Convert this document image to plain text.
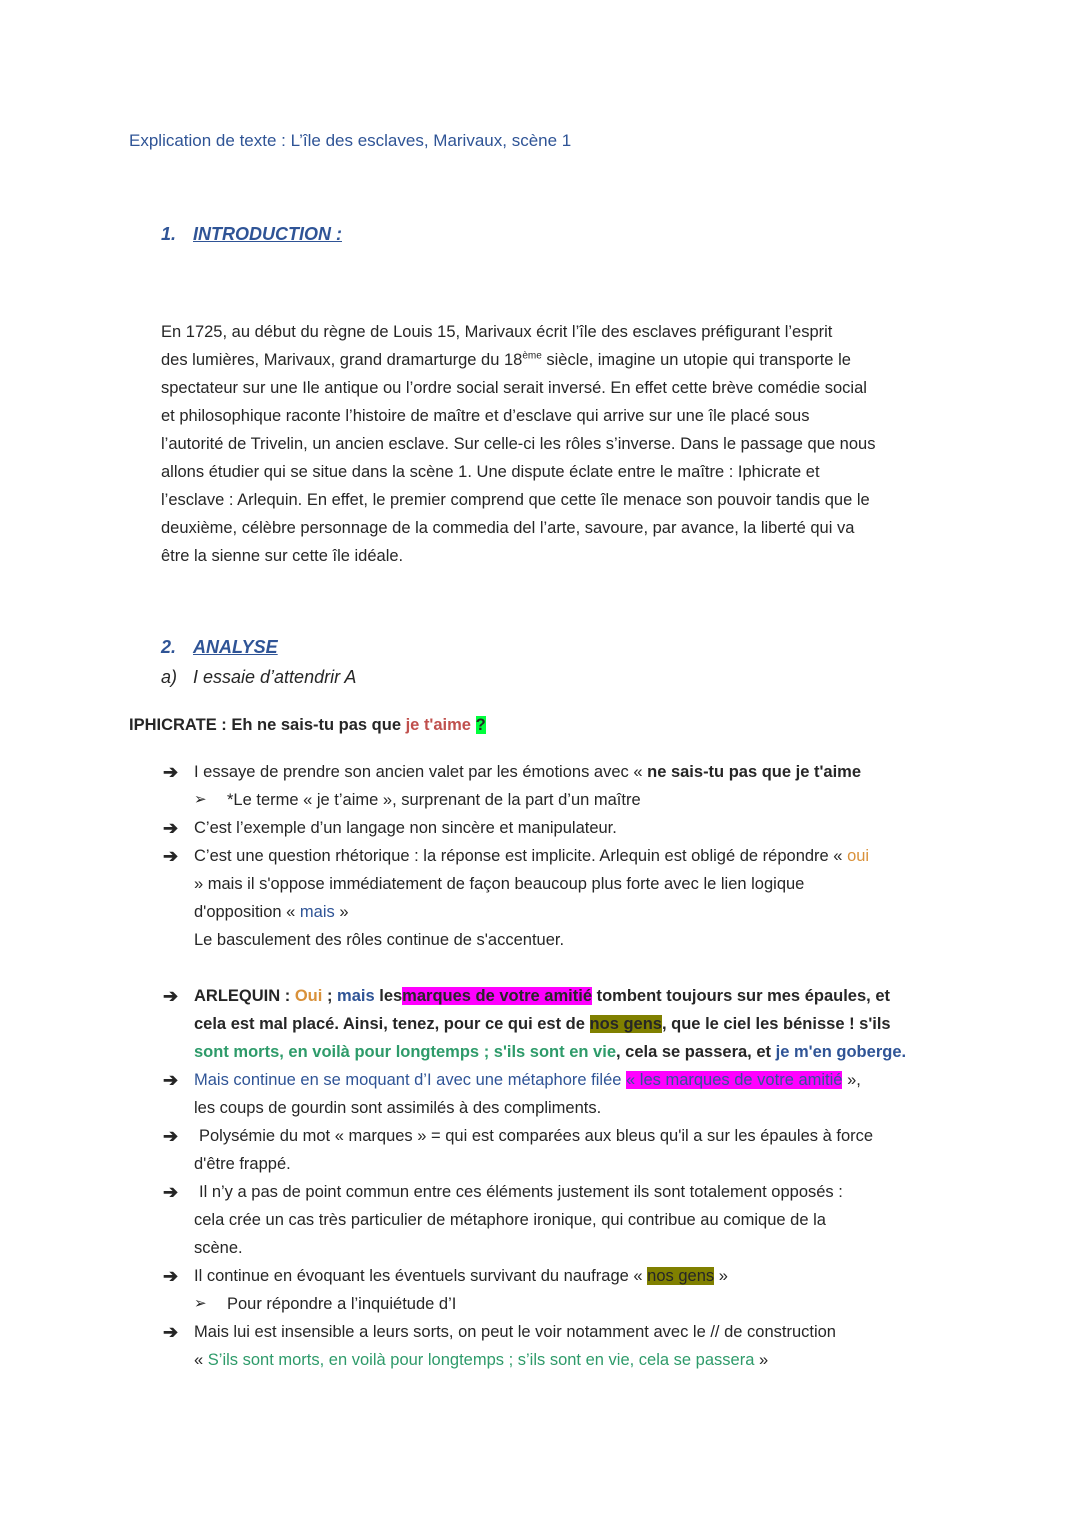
Explication de texte : L’île des esclaves, Marivaux, scène 1
1. INTRODUCTION :
En 1725, au début du règne de Louis 15, Marivaux écrit l’île des esclaves préfigurant l’esprit
des lumières, Marivaux, grand dramarturge du 18ème siècle, imagine un utopie qui transporte le
spectateur sur une Ile antique ou l’ordre social serait inversé. En effet cette brève comédie social
et philosophique raconte l’histoire de maître et d’esclave qui arrive sur une île placé sous
l’autorité de Trivelin, un ancien esclave. Sur celle-ci les rôles s’inverse. Dans le passage que nous
allons étudier qui se situe dans la scène 1. Une dispute éclate entre le maître : Iphicrate et
l’esclave : Arlequin. En effet, le premier comprend que cette île menace son pouvoir tandis que le
deuxième, célèbre personnage de la commedia del l’arte, savoure, par avance, la liberté qui va
être la sienne sur cette île idéale.
2. ANALYSE
a) I essaie d’attendrir A
IPHICRATE : Eh ne sais-tu pas que je t'aime ?
➔ I essaye de prendre son ancien valet par les émotions avec « ne sais-tu pas que je t'aime
➢ *Le terme « je t’aime », surprenant de la part d’un maître
➔ C’est l’exemple d’un langage non sincère et manipulateur.
➔ C’est une question rhétorique : la réponse est implicite. Arlequin est obligé de répondre « oui
» mais il s'oppose immédiatement de façon beaucoup plus forte avec le lien logique
d'opposition « mais »
Le basculement des rôles continue de s'accentuer.
➔ ARLEQUIN : Oui ; mais lesmarques de votre amitié tombent toujours sur mes épaules, et
cela est mal placé. Ainsi, tenez, pour ce qui est de nos gens, que le ciel les bénisse ! s'ils
sont morts, en voilà pour longtemps ; s'ils sont en vie, cela se passera, et je m'en goberge.
➔ Mais continue en se moquant d’I avec une métaphore filée « les marques de votre amitié »,
les coups de gourdin sont assimilés à des compliments.
➔ Polysémie du mot « marques » = qui est comparées aux bleus qu'il a sur les épaules à force
d'être frappé.
➔ Il n’y a pas de point commun entre ces éléments justement ils sont totalement opposés :
cela crée un cas très particulier de métaphore ironique, qui contribue au comique de la
scène.
➔ Il continue en évoquant les éventuels survivant du naufrage « nos gens »
➢ Pour répondre a l’inquiétude d’I
➔ Mais lui est insensible a leurs sorts, on peut le voir notamment avec le // de construction
« S’ils sont morts, en voilà pour longtemps ; s’ils sont en vie, cela se passera »
